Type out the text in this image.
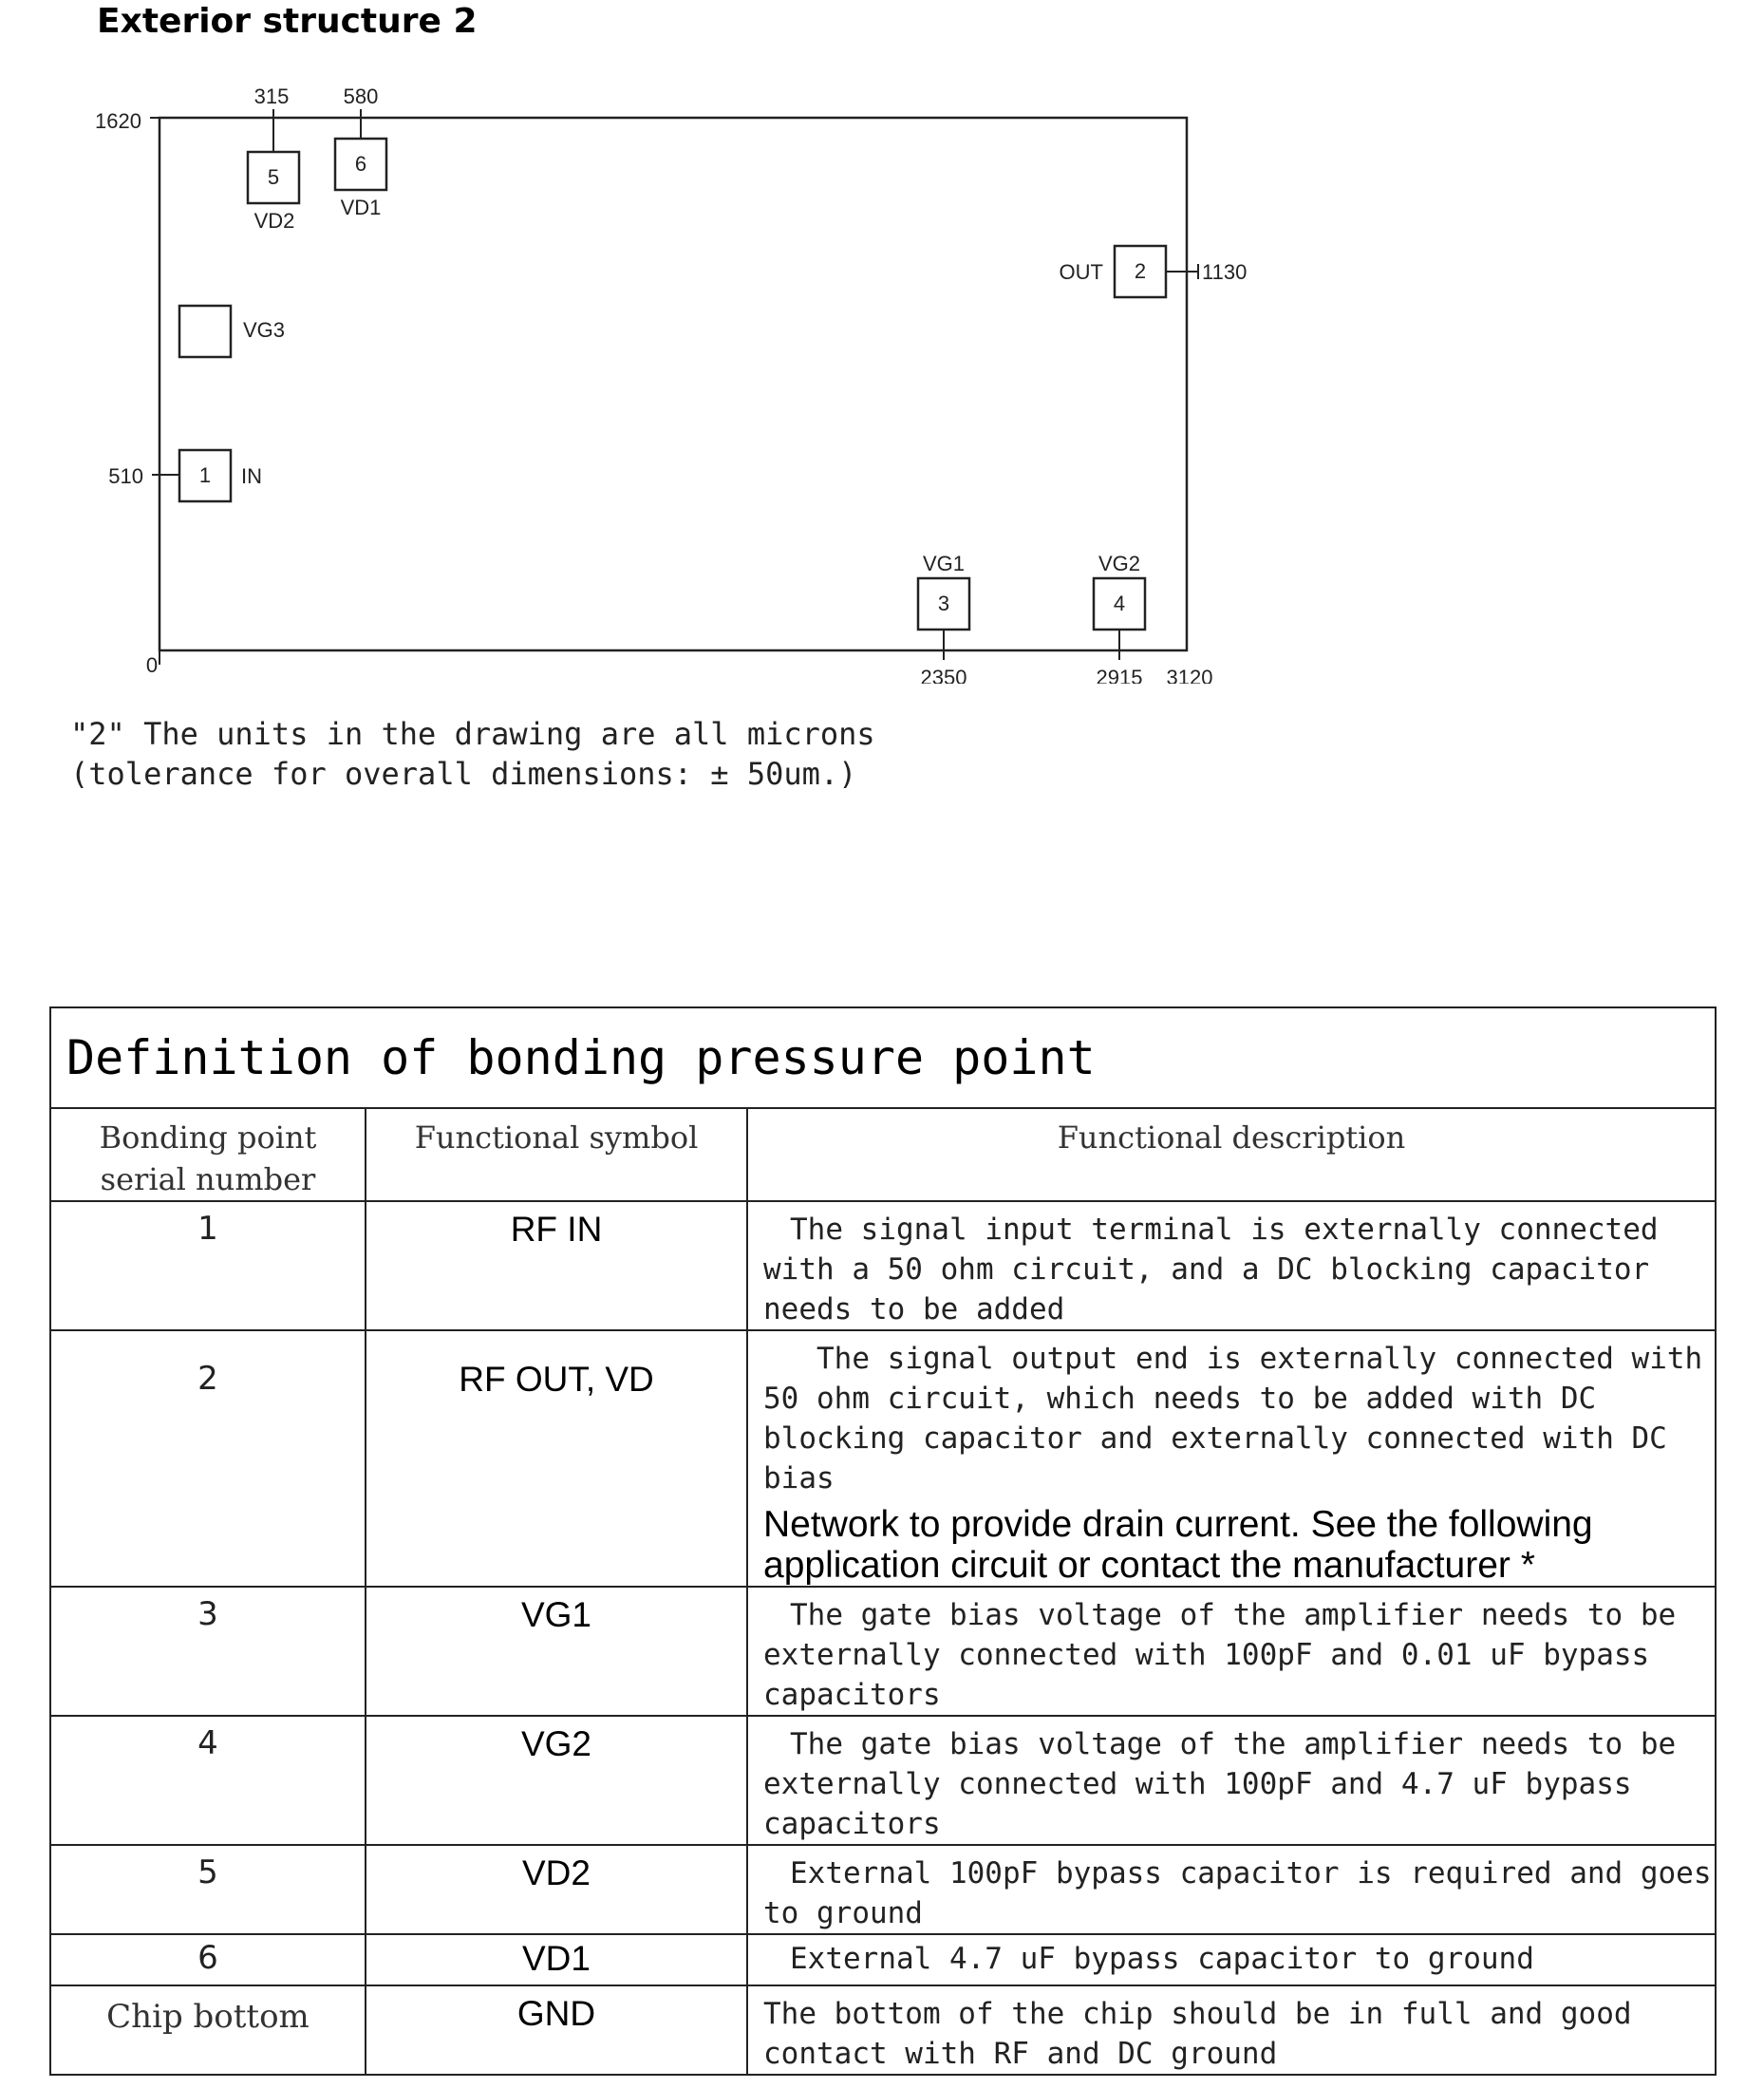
Exterior structure 2
5
6
1
2
3	4
VD2
VD1
VG3
IN
OUT
VG1	VG2
315	580
1620
510
0
1130
2350	2915 3120
"2" The units in the drawing are all microns
(tolerance for overall dimensions: ± 50um.)
Definition of bonding pressure point		

Bonding point
serial number	Functional symbol	Functional description
1	RF IN	The signal input terminal is externally connected with a 50 ohm circuit, and a DC blocking capacitor needs to be added
2	RF OUT, VD	The signal output end is externally connected with 50 ohm circuit, which needs to be added with DC blocking capacitor and externally connected with DC bias
Network to provide drain current. See the following application circuit or contact the manufacturer *

3	VG1	The gate bias voltage of the amplifier needs to be externally connected with 100pF and 0.01 uF bypass capacitors
4	VG2	The gate bias voltage of the amplifier needs to be externally connected with 100pF and 4.7 uF bypass capacitors
5	VD2	External 100pF bypass capacitor is required and goes to ground
6	VD1	External 4.7 uF bypass capacitor to ground
Chip bottom	GND	The bottom of the chip should be in full and good contact with RF and DC ground
